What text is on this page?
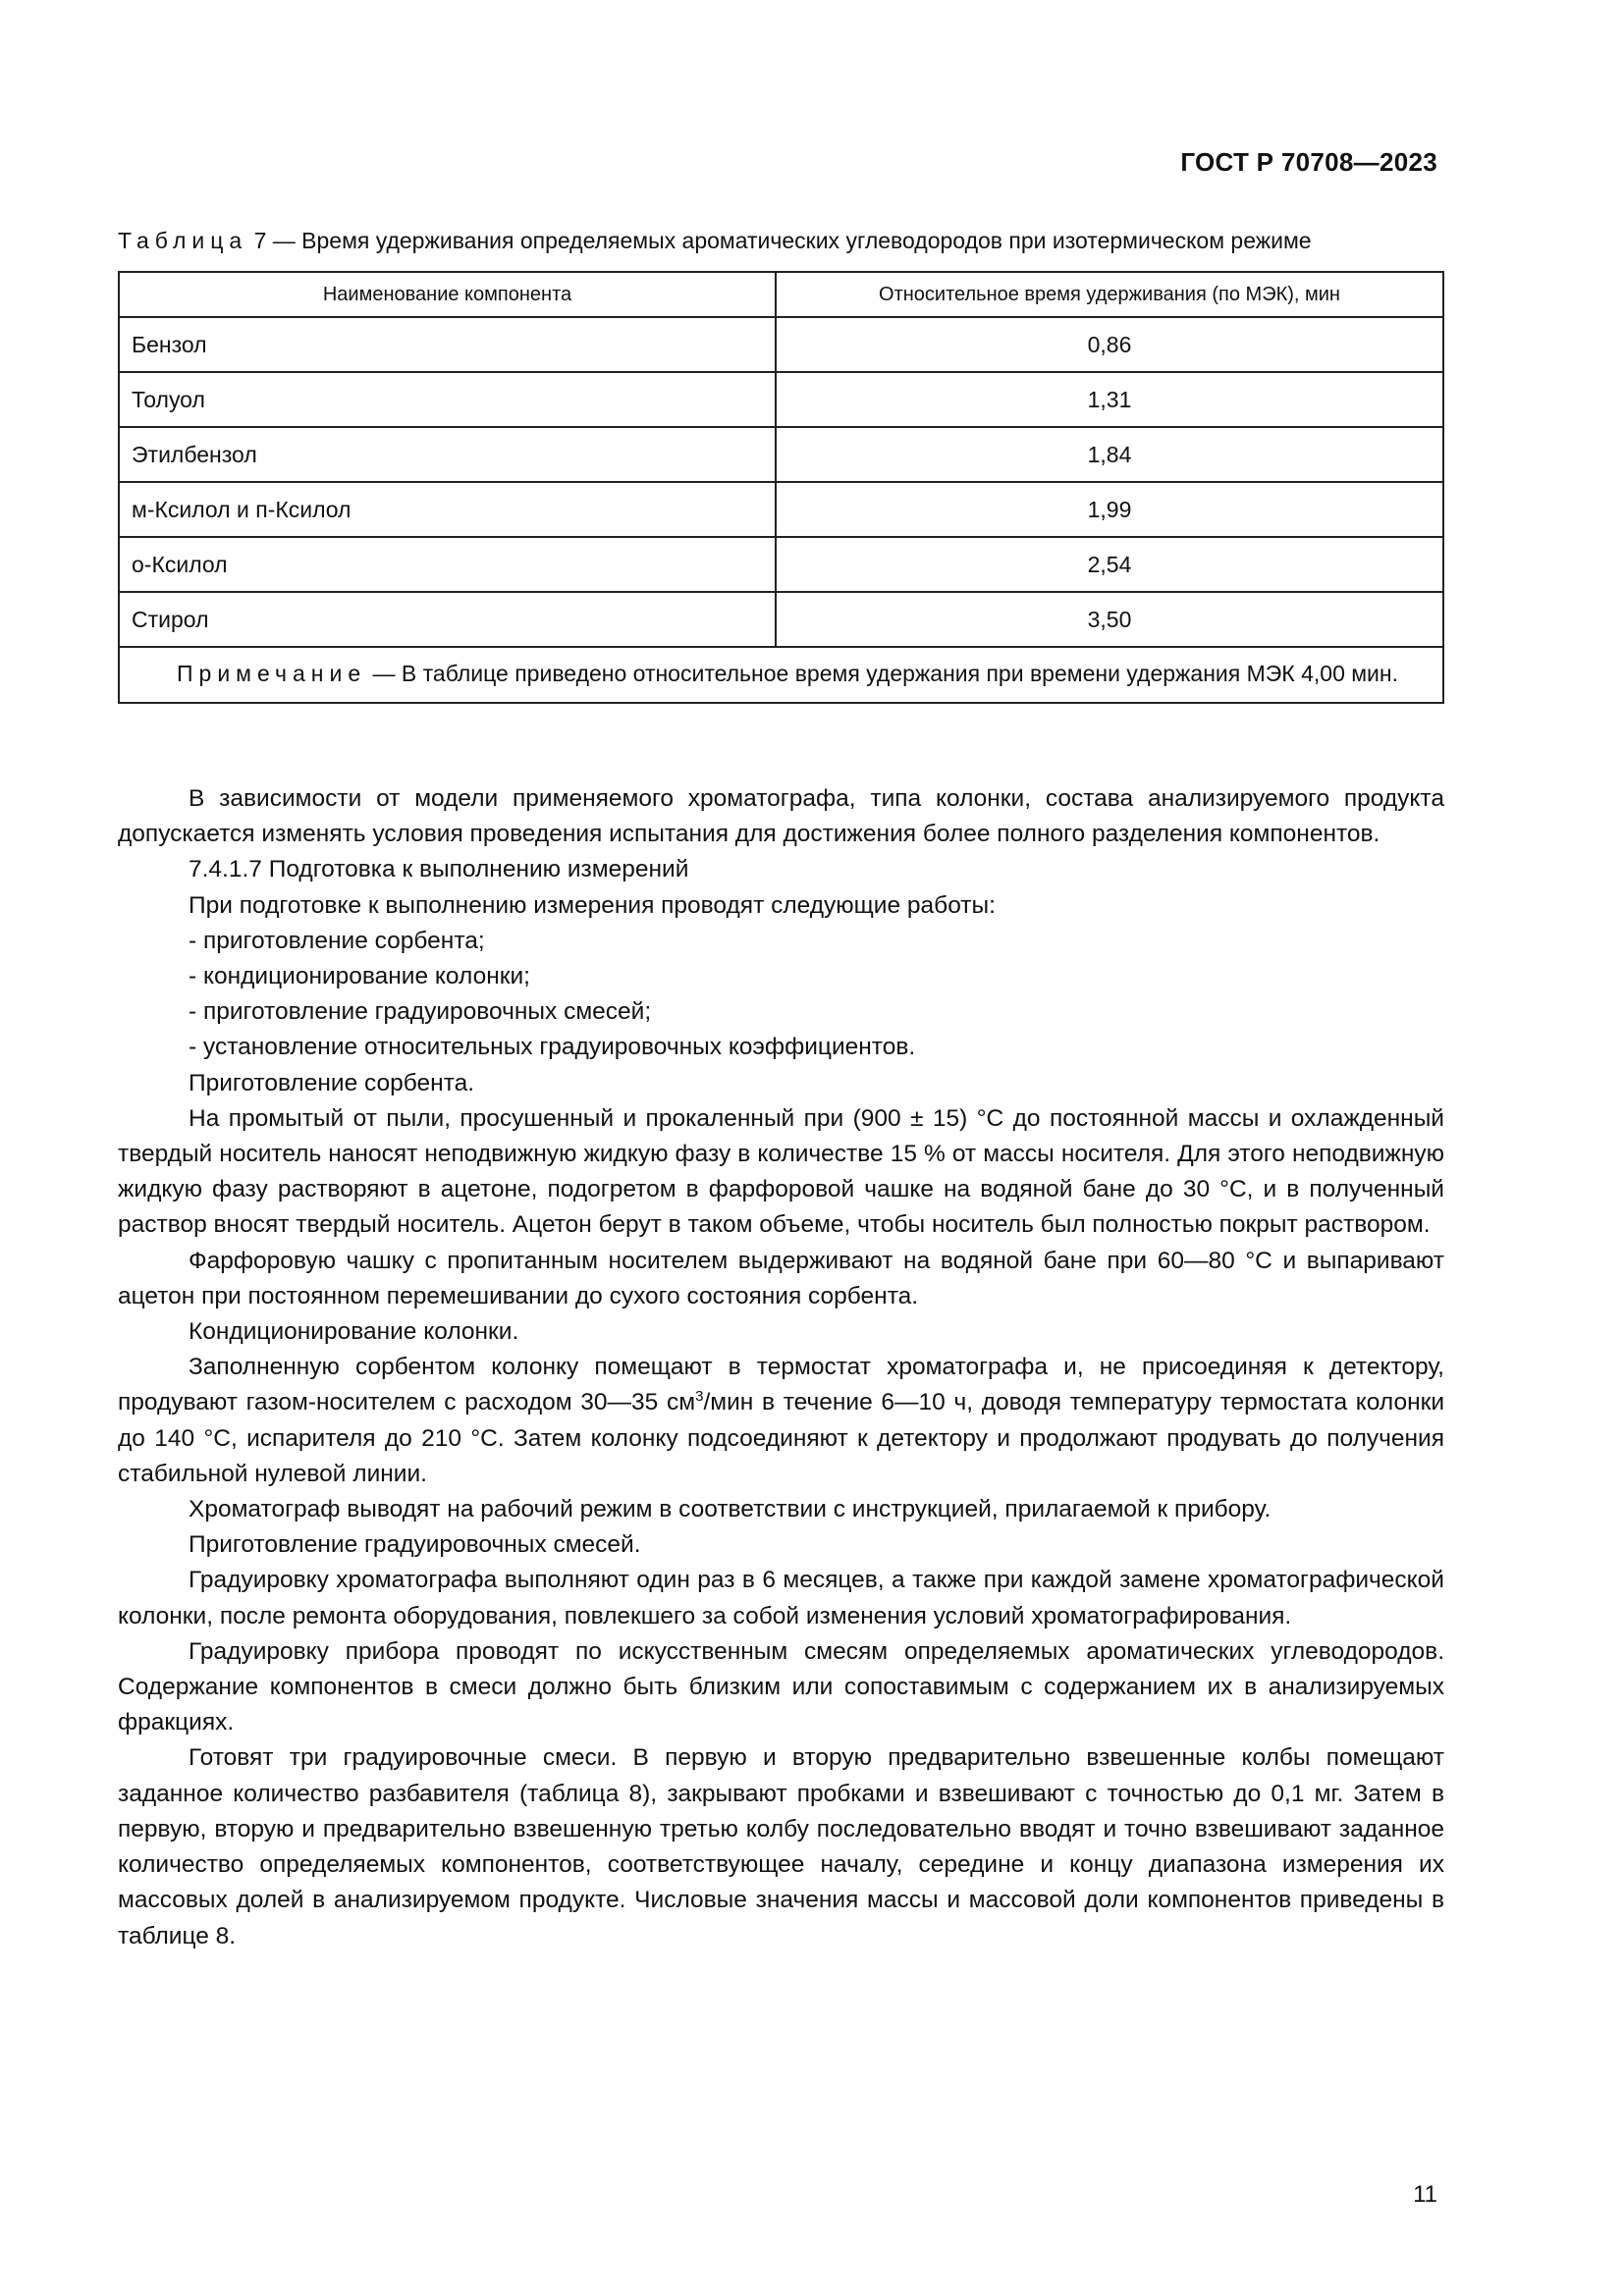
ГОСТ Р 70708—2023
Таблица 7 — Время удерживания определяемых ароматических углеводородов при изотермическом режиме
Наименование компонента	Относительное время удерживания (по МЭК), мин
Бензол	0,86
Толуол	1,31
Этилбензол	1,84
м-Ксилол и п-Ксилол	1,99
о-Ксилол	2,54
Стирол	3,50
  Примечание — В таблице приведено относительное время удержания при времени удержания МЭК 4,00 мин.	

В зависимости от модели применяемого хроматографа, типа колонки, состава анализируемого продукта допускается изменять условия проведения испытания для достижения более полного разделения компонентов.

7.4.1.7 Подготовка к выполнению измерений

При подготовке к выполнению измерения проводят следующие работы:

- приготовление сорбента;

- кондиционирование колонки;

- приготовление градуировочных смесей;

- установление относительных градуировочных коэффициентов.

Приготовление сорбента.

На промытый от пыли, просушенный и прокаленный при (900 ± 15) °С до постоянной массы и охлажденный твердый носитель наносят неподвижную жидкую фазу в количестве 15 % от массы носителя. Для этого неподвижную жидкую фазу растворяют в ацетоне, подогретом в фарфоровой чашке на водяной бане до 30 °С, и в полученный раствор вносят твердый носитель. Ацетон берут в таком объеме, чтобы носитель был полностью покрыт раствором.

Фарфоровую чашку с пропитанным носителем выдерживают на водяной бане при 60—80 °С и выпаривают ацетон при постоянном перемешивании до сухого состояния сорбента.

Кондиционирование колонки.

Заполненную сорбентом колонку помещают в термостат хроматографа и, не присоединяя к детектору, продувают газом-носителем с расходом 30—35 $см^3$/мин в течение 6—10 ч, доводя температуру термостата колонки до 140 °С, испарителя до 210 °С. Затем колонку подсоединяют к детектору и продолжают продувать до получения стабильной нулевой линии.

Хроматограф выводят на рабочий режим в соответствии с инструкцией, прилагаемой к прибору.

Приготовление градуировочных смесей.

Градуировку хроматографа выполняют один раз в 6 месяцев, а также при каждой замене хроматографической колонки, после ремонта оборудования, повлекшего за собой изменения условий хроматографирования.

Градуировку прибора проводят по искусственным смесям определяемых ароматических углеводородов. Содержание компонентов в смеси должно быть близким или сопоставимым с содержанием их в анализируемых фракциях.

Готовят три градуировочные смеси. В первую и вторую предварительно взвешенные колбы помещают заданное количество разбавителя (таблица 8), закрывают пробками и взвешивают с точностью до 0,1 мг. Затем в первую, вторую и предварительно взвешенную третью колбу последовательно вводят и точно взвешивают заданное количество определяемых компонентов, соответствующее началу, середине и концу диапазона измерения их массовых долей в анализируемом продукте. Числовые значения массы и массовой доли компонентов приведены в таблице 8.

11
